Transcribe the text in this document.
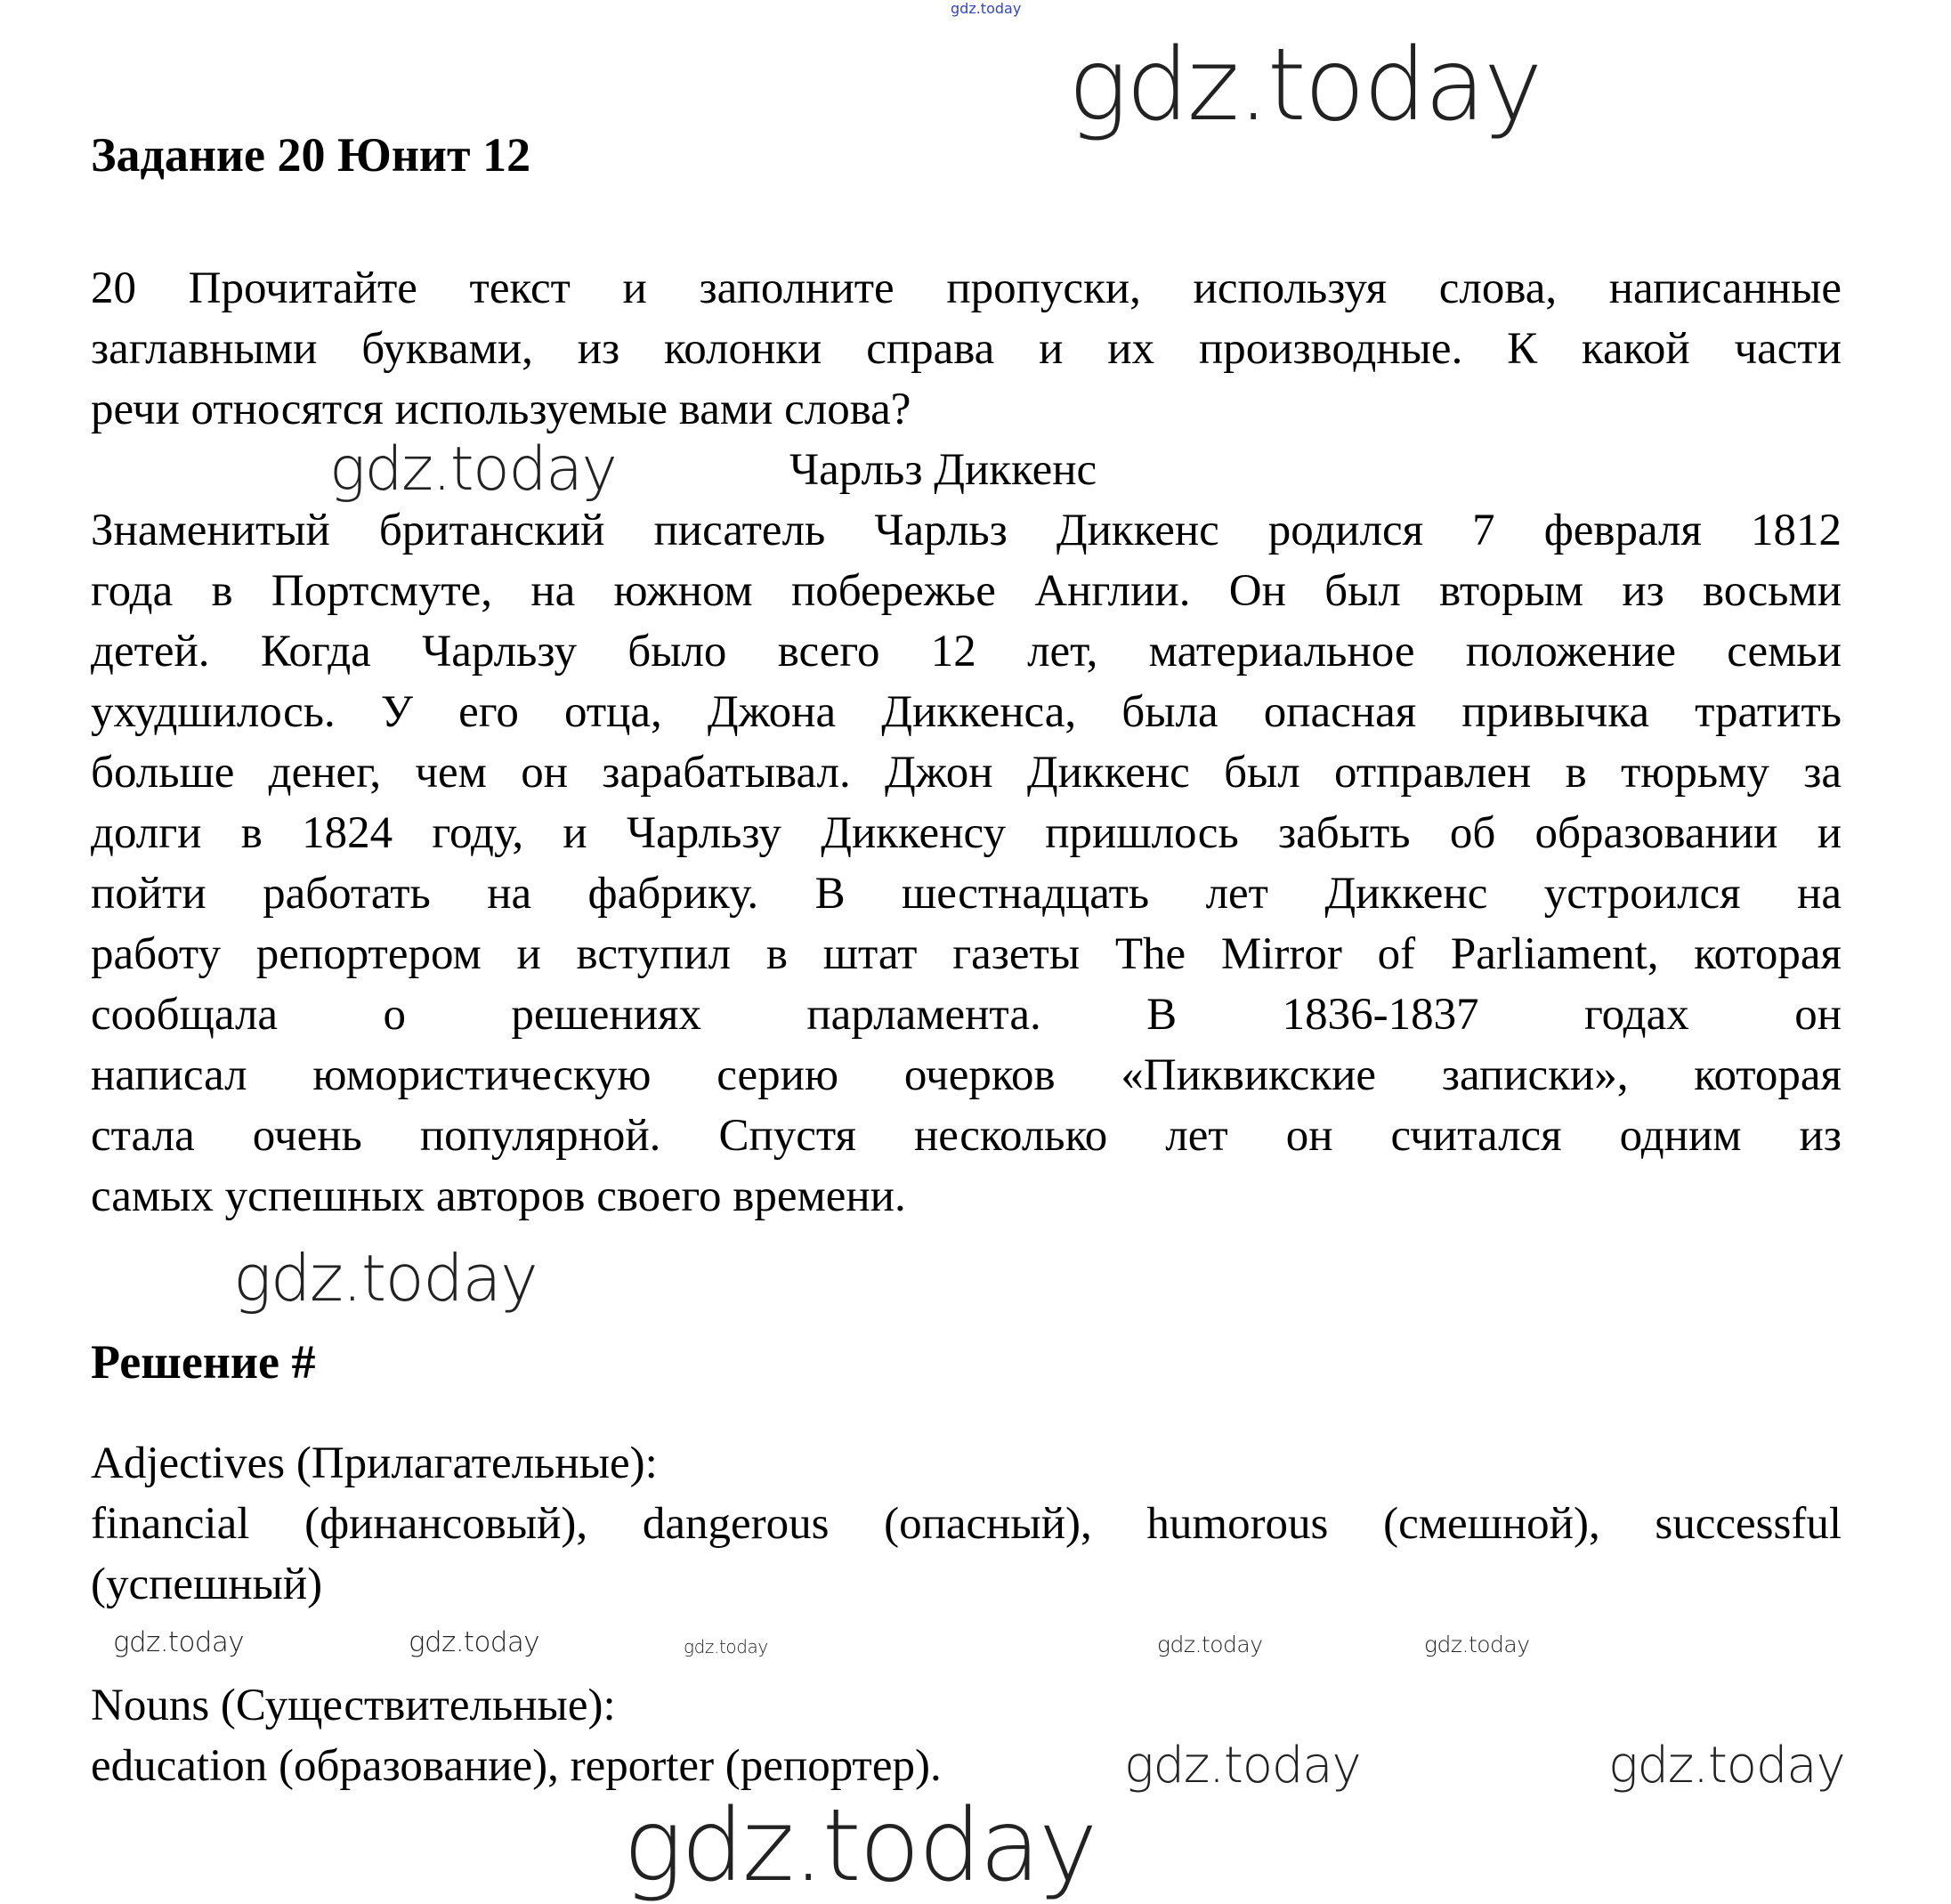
gdz.today
Задание 20 Юнит 12
20 Прочитайте текст и заполните пропуски, используя слова, написанные
заглавными буквами, из колонки справа и их производные. К какой части
речи относятся используемые вами слова?
Чарльз Диккенс
Знаменитый британский писатель Чарльз Диккенс родился 7 февраля 1812
года в Портсмуте, на южном побережье Англии. Он был вторым из восьми
детей. Когда Чарльзу было всего 12 лет, материальное положение семьи
ухудшилось. У его отца, Джона Диккенса, была опасная привычка тратить
больше денег, чем он зарабатывал. Джон Диккенс был отправлен в тюрьму за
долги в 1824 году, и Чарльзу Диккенсу пришлось забыть об образовании и
пойти работать на фабрику. В шестнадцать лет Диккенс устроился на
работу репортером и вступил в штат газеты The Mirror of Parliament, которая
сообщала о решениях парламента. В 1836-1837 годах он
написал юмористическую серию очерков «Пиквикские записки», которая
стала очень популярной. Спустя несколько лет он считался одним из
самых успешных авторов своего времени.
Решение #
Adjectives (Прилагательные):
financial (финансовый), dangerous (опасный), humorous (смешной), successful
(успешный)
Nouns (Существительные):
education (образование), reporter (репортер).
gdz.today
gdz.today
gdz.today	gdz.today
gdz.today
gdz.today
gdz.today	gdz.today	gdz.today
gdz.today	gdz.today
